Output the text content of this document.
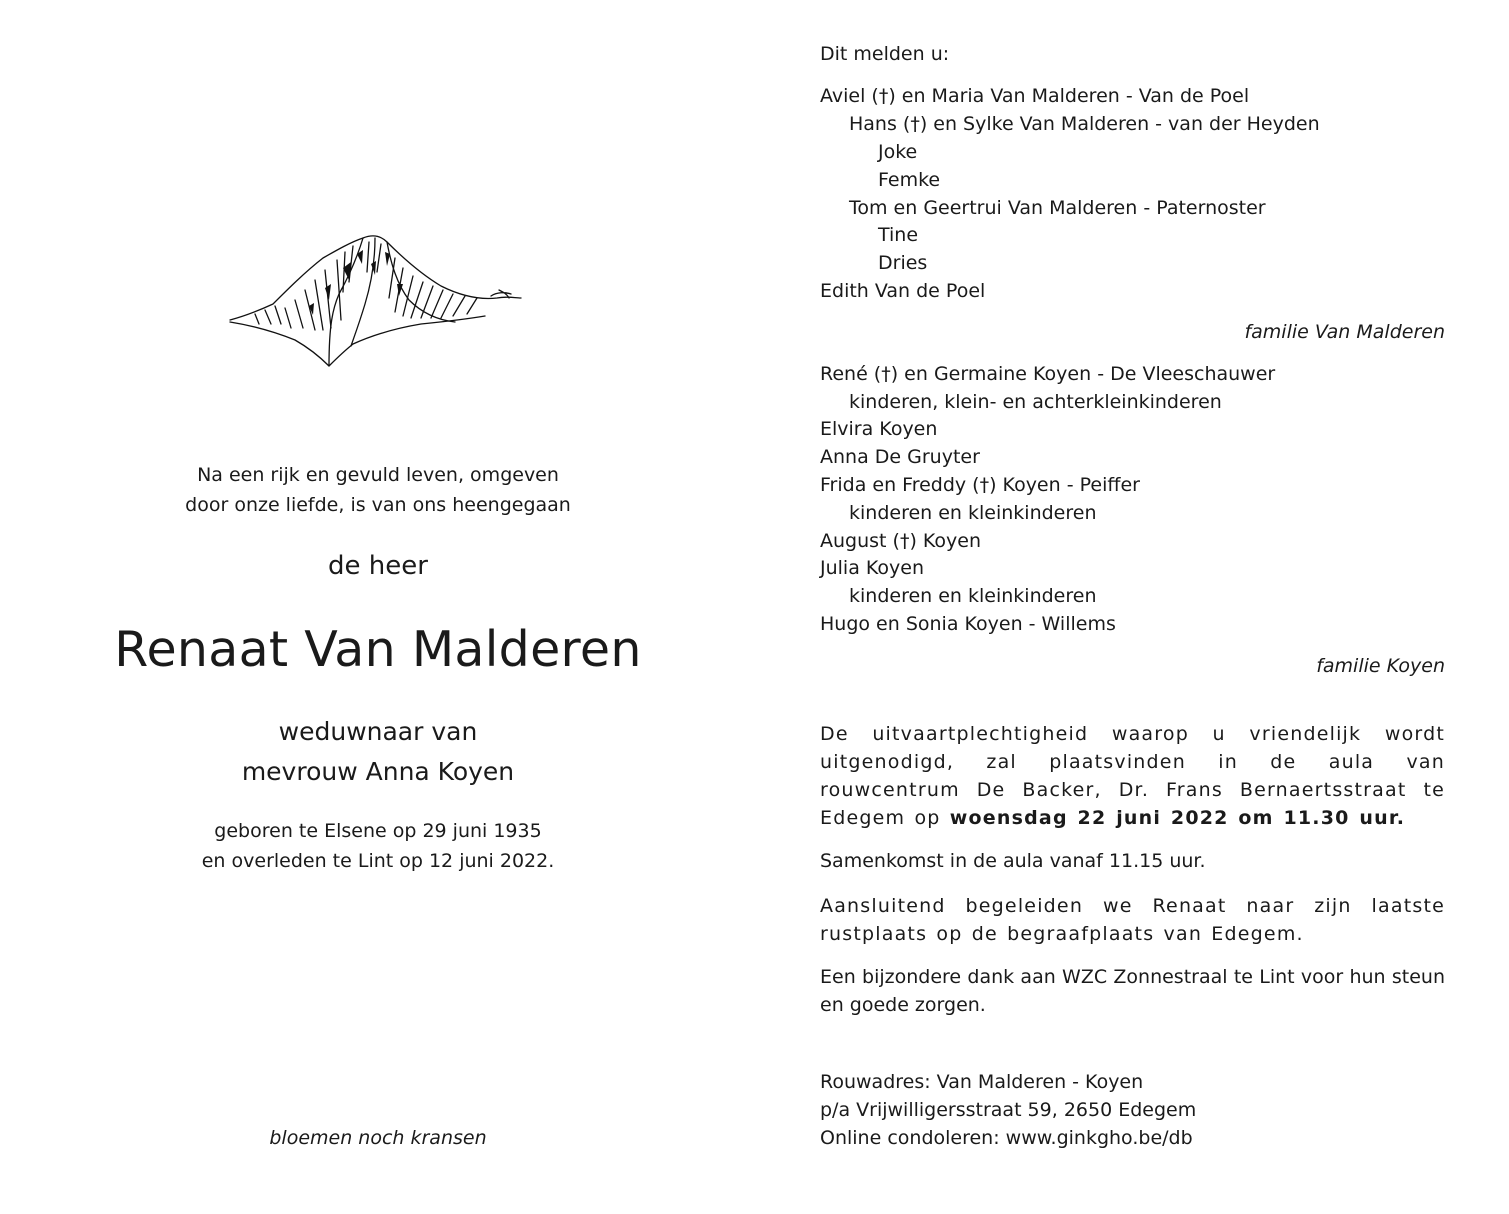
Na een rijk en gevuld leven, omgeven
door onze liefde, is van ons heengegaan
de heer
Renaat Van Malderen
weduwnaar van
mevrouw Anna Koyen
geboren te Elsene op 29 juni 1935
en overleden te Lint op 12 juni 2022.
bloemen noch kransen
Dit melden u:
Aviel (†) en Maria Van Malderen - Van de Poel
Hans (†) en Sylke Van Malderen - van der Heyden
Joke
Femke
Tom en Geertrui Van Malderen - Paternoster
Tine
Dries
Edith Van de Poel
familie Van Malderen
René (†) en Germaine Koyen - De Vleeschauwer
kinderen, klein- en achterkleinkinderen
Elvira Koyen
Anna De Gruyter
Frida en Freddy (†) Koyen - Peiffer
kinderen en kleinkinderen
August (†) Koyen
Julia Koyen
kinderen en kleinkinderen
Hugo en Sonia Koyen - Willems
familie Koyen
De uitvaartplechtigheid waarop u vriendelijk wordt uitgenodigd, zal plaatsvinden in de aula van rouwcentrum De Backer, Dr. Frans Bernaertsstraat te Edegem op woensdag 22 juni 2022 om 11.30 uur.
Samenkomst in de aula vanaf 11.15 uur.
Aansluitend begeleiden we Renaat naar zijn laatste rustplaats op de begraafplaats van Edegem.
Een bijzondere dank aan WZC Zonnestraal te Lint voor hun steun en goede zorgen.
Rouwadres: Van Malderen - Koyen
p/a Vrijwilligersstraat 59, 2650 Edegem
Online condoleren: www.ginkgho.be/db
